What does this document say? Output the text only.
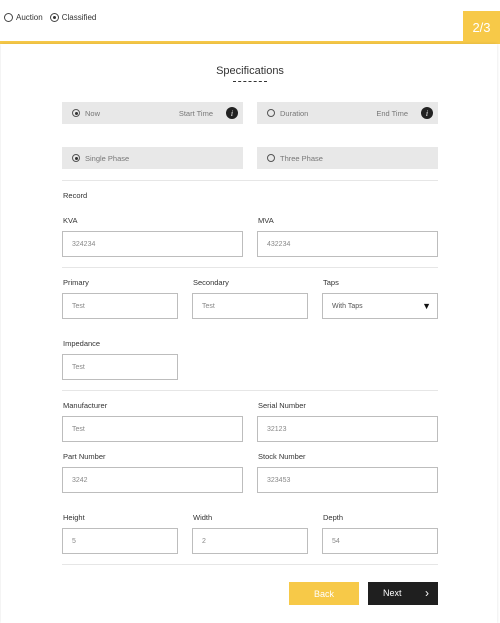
Auction Classified
2/3
Specifications
Now	Start Time	i	Duration	End Time	i
Single Phase	Three Phase
Record
KVA
324234
MVA
432234
Primary
Test
Secondary
Test
Taps
With Taps	▼
Impedance
Test
Manufacturer
Test
Serial Number
32123
Part Number
3242
Stock Number
323453
Height
5
Width
2
Depth
54
Back	Next ›
